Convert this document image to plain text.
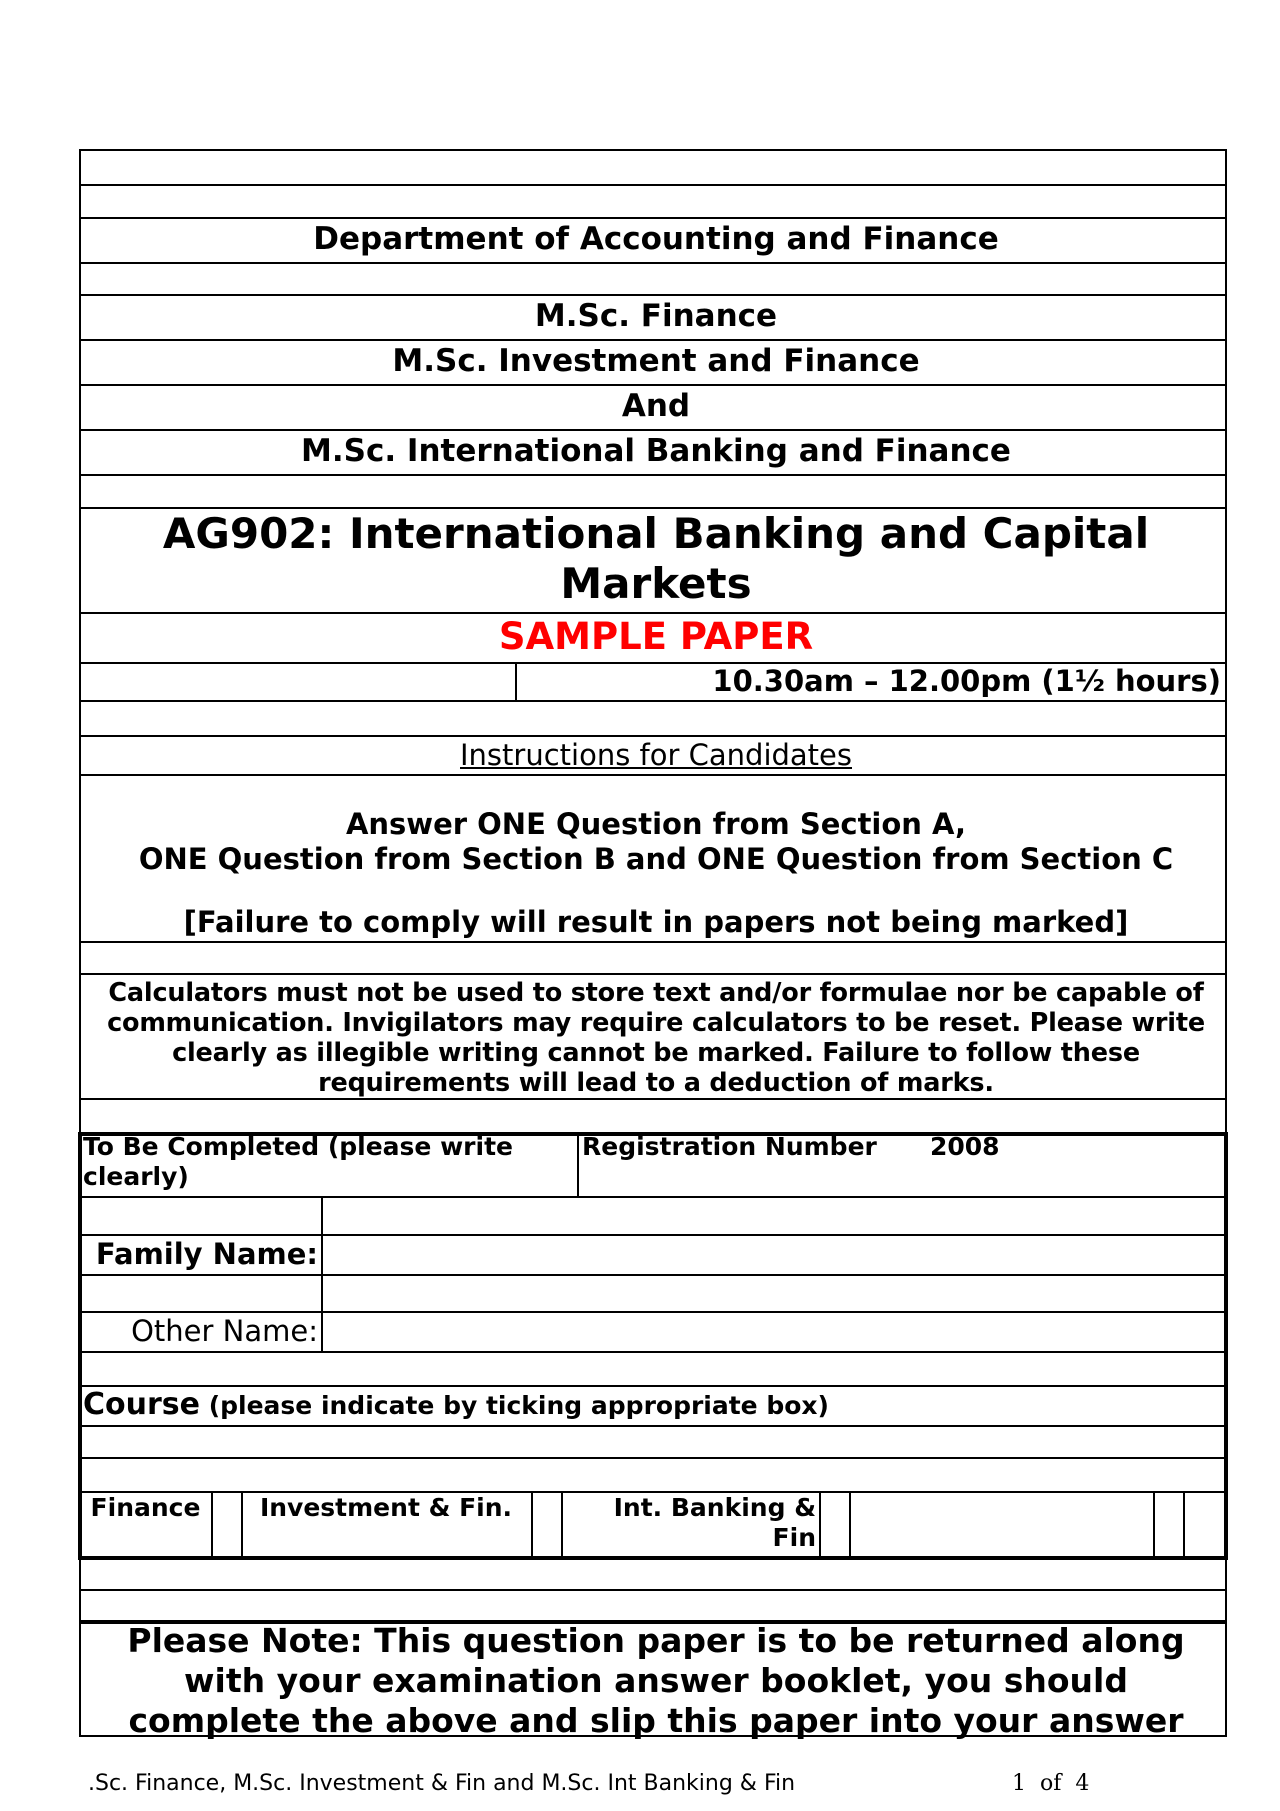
Department of Accounting and Finance
M.Sc. Finance
M.Sc. Investment and Finance
And
M.Sc. International Banking and Finance
AG902: International Banking and Capital
Markets
SAMPLE PAPER
10.30am – 12.00pm (1½ hours)
Instructions for Candidates
Answer ONE Question from Section A,
ONE Question from Section B and ONE Question from Section C
[Failure to comply will result in papers not being marked]
Calculators must not be used to store text and/or formulae nor be capable of
communication. Invigilators may require calculators to be reset. Please write
clearly as illegible writing cannot be marked. Failure to follow these
requirements will lead to a deduction of marks.
To Be Completed (please write
clearly)
Registration Number 2008
Family Name:
Other Name:
Course (please indicate by ticking appropriate box)
Finance	Investment & Fin.	Int. Banking &
Fin
Please Note: This question paper is to be returned along
with your examination answer booklet, you should
complete the above and slip this paper into your answer
.Sc. Finance, M.Sc. Investment & Fin and M.Sc. Int Banking & Fin	1  of  4
